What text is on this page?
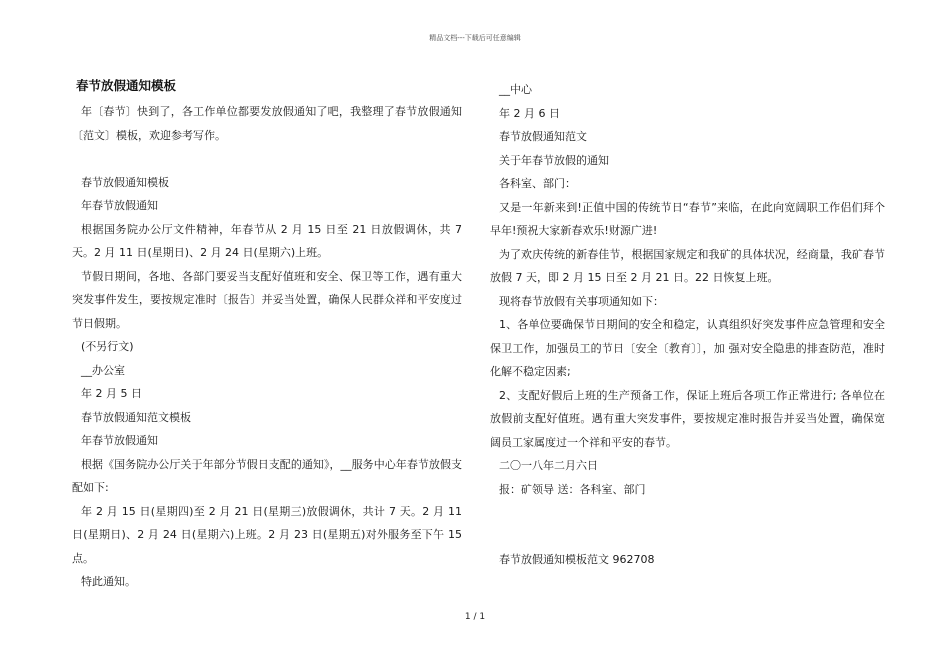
精品文档---下载后可任意编辑
春节放假通知模板

年〔春节〕快到了，各工作单位都要发放假通知了吧，我整理了春节放假通知〔范文〕模板，欢迎参考写作。

春节放假通知模板

年春节放假通知

根据国务院办公厅文件精神，年春节从 2 月 15 日至 21 日放假调休，共 7 天。2 月 11 日(星期日)、2 月 24 日(星期六)上班。

节假日期间，各地、各部门要妥当支配好值班和安全、保卫等工作，遇有重大突发事件发生，要按规定准时〔报告〕并妥当处置，确保人民群众祥和平安度过节日假期。

(不另行文)

__办公室

年 2 月 5 日

春节放假通知范文模板

年春节放假通知

根据《国务院办公厅关于年部分节假日支配的通知》，__服务中心年春节放假支配如下:

年 2 月 15 日(星期四)至 2 月 21 日(星期三)放假调休，共计 7 天。2 月 11 日(星期日)、2 月 24 日(星期六)上班。2 月 23 日(星期五)对外服务至下午 15 点。

特此通知。

__中心

年 2 月 6 日

春节放假通知范文

关于年春节放假的通知

各科室、部门：

又是一年新来到!正值中国的传统节日“春节”来临，在此向宽阔职工作侣们拜个早年!预祝大家新春欢乐!财源广进!

为了欢庆传统的新春佳节，根据国家规定和我矿的具体状况，经商量，我矿春节放假 7 天，即 2 月 15 日至 2 月 21 日。22 日恢复上班。

现将春节放假有关事项通知如下：

1、各单位要确保节日期间的安全和稳定，认真组织好突发事件应急管理和安全保卫工作，加强员工的节日〔安全〔教育〕〕，加 强对安全隐患的排查防范，准时化解不稳定因素;

2、支配好假后上班的生产预备工作，保证上班后各项工作正常进行; 各单位在放假前支配好值班。遇有重大突发事件，要按规定准时报告并妥当处置，确保宽阔员工家属度过一个祥和平安的春节。

二〇一八年二月六日

报：矿领导 送：各科室、部门

春节放假通知模板范文 962708

1 / 1
